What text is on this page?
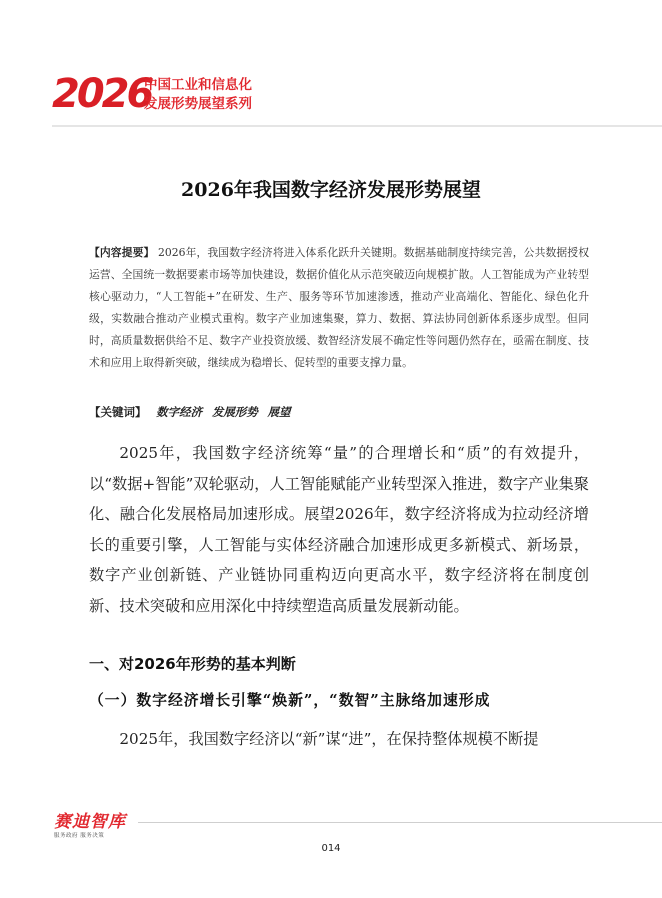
2026
中国工业和信息化
发展形势展望系列
2026年我国数字经济发展形势展望
【内容提要】 2026年，我国数字经济将进入体系化跃升关键期。数据基础制度持续完善，公共数据授权运营、全国统一数据要素市场等加快建设，数据价值化从示范突破迈向规模扩散。人工智能成为产业转型核心驱动力，“人工智能+”在研发、生产、服务等环节加速渗透，推动产业高端化、智能化、绿色化升级，实数融合推动产业模式重构。数字产业加速集聚，算力、数据、算法协同创新体系逐步成型。但同时，高质量数据供给不足、数字产业投资放缓、数智经济发展不确定性等问题仍然存在，亟需在制度、技术和应用上取得新突破，继续成为稳增长、促转型的重要支撑力量。
【关键词】 数字经济 发展形势 展望
2025年，我国数字经济统筹“量”的合理增长和“质”的有效提升，以“数据+智能”双轮驱动，人工智能赋能产业转型深入推进，数字产业集聚化、融合化发展格局加速形成。展望2026年，数字经济将成为拉动经济增长的重要引擎，人工智能与实体经济融合加速形成更多新模式、新场景，数字产业创新链、产业链协同重构迈向更高水平，数字经济将在制度创新、技术突破和应用深化中持续塑造高质量发展新动能。
一、对2026年形势的基本判断
（一）数字经济增长引擎“焕新”，“数智”主脉络加速形成
2025年，我国数字经济以“新”谋“进”，在保持整体规模不断提
赛迪智库
服务政府 服务决策
014
